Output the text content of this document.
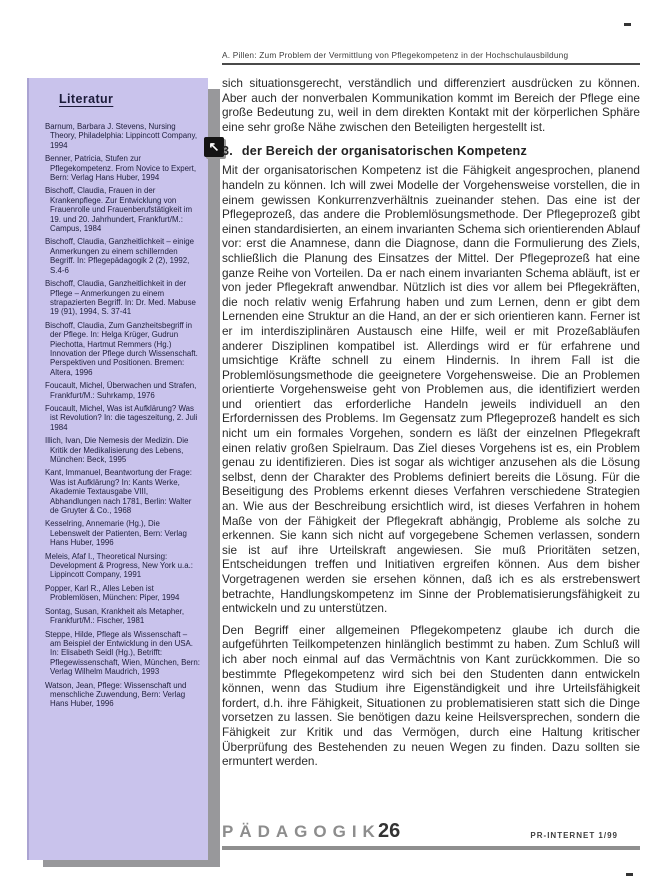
Literatur
Barnum, Barbara J. Stevens, Nursing Theory, Philadelphia: Lippincott Company, 1994
Benner, Patricia, Stufen zur Pflegekompetenz. From Novice to Expert, Bern: Verlag Hans Huber, 1994
Bischoff, Claudia, Frauen in der Krankenpflege. Zur Entwicklung von Frauenrolle und Frauenberufstätigkeit im 19. und 20. Jahrhundert, Frankfurt/M.: Campus, 1984
Bischoff, Claudia, Ganzheitlichkeit – einige Anmerkungen zu einem schillernden Begriff. In: Pflegepädagogik 2 (2), 1992, S.4-6
Bischoff, Claudia, Ganzheitlichkeit in der Pflege – Anmerkungen zu einem strapazierten Begriff. In: Dr. Med. Mabuse 19 (91), 1994, S. 37-41
Bischoff, Claudia, Zum Ganzheitsbegriff in der Pflege. In: Helga Krüger, Gudrun Piechotta, Hartmut Remmers (Hg.) Innovation der Pflege durch Wissenschaft. Perspektiven und Positionen. Bremen: Altera, 1996
Foucault, Michel, Überwachen und Strafen, Frankfurt/M.: Suhrkamp, 1976
Foucault, Michel, Was ist Aufklärung? Was ist Revolution? In: die tageszeitung, 2. Juli 1984
Illich, Ivan, Die Nemesis der Medizin. Die Kritik der Medikalisierung des Lebens, München: Beck, 1995
Kant, Immanuel, Beantwortung der Frage: Was ist Aufklärung? In: Kants Werke, Akademie Textausgabe VIII, Abhandlungen nach 1781, Berlin: Walter de Gruyter & Co., 1968
Kesselring, Annemarie (Hg.), Die Lebenswelt der Patienten, Bern: Verlag Hans Huber, 1996
Meleis, Afaf I., Theoretical Nursing: Development & Progress, New York u.a.: Lippincott Company, 1991
Popper, Karl R., Alles Leben ist Problemlösen, München: Piper, 1994
Sontag, Susan, Krankheit als Metapher, Frankfurt/M.: Fischer, 1981
Steppe, Hilde, Pflege als Wissenschaft – am Beispiel der Entwicklung in den USA. In: Elisabeth Seidl (Hg.), Betrifft: Pflegewissenschaft, Wien, München, Bern: Verlag Wilhelm Maudrich, 1993
Watson, Jean, Pflege: Wissenschaft und menschliche Zuwendung, Bern: Verlag Hans Huber, 1996
↖
A. Pillen: Zum Problem der Vermittlung von Pflegekompetenz in der Hochschulausbildung

sich situationsgerecht, verständlich und differenziert ausdrücken zu können. Aber auch der nonverbalen Kommunikation kommt im Bereich der Pflege eine große Bedeutung zu, weil in dem direkten Kontakt mit der körperlichen Sphäre eine sehr große Nähe zwischen den Beteiligten hergestellt ist.

3. der Bereich der organisatorischen Kompetenz

Mit der organisatorischen Kompetenz ist die Fähigkeit angesprochen, planend handeln zu können. Ich will zwei Modelle der Vorgehensweise vorstellen, die in einem gewissen Konkurrenzverhältnis zueinander stehen. Das eine ist der Pflegeprozeß, das andere die Problemlösungsmethode. Der Pflegeprozeß gibt einen standardisierten, an einem invarianten Schema sich orientierenden Ablauf vor: erst die Anamnese, dann die Diagnose, dann die Formulierung des Ziels, schließlich die Planung des Einsatzes der Mittel. Der Pflegeprozeß hat eine ganze Reihe von Vorteilen. Da er nach einem invarianten Schema abläuft, ist er von jeder Pflegekraft anwendbar. Nützlich ist dies vor allem bei Pflegekräften, die noch relativ wenig Erfahrung haben und zum Lernen, denn er gibt dem Lernenden eine Struktur an die Hand, an der er sich orientieren kann. Ferner ist er im interdisziplinären Austausch eine Hilfe, weil er mit Prozeßabläufen anderer Disziplinen kompatibel ist. Allerdings wird er für erfahrene und umsichtige Kräfte schnell zu einem Hindernis. In ihrem Fall ist die Problemlösungsmethode die geeignetere Vorgehensweise. Die an Problemen orientierte Vorgehensweise geht von Problemen aus, die identifiziert werden und orientiert das erforderliche Handeln jeweils individuell an den Erfordernissen des Problems. Im Gegensatz zum Pflegeprozeß handelt es sich nicht um ein formales Vorgehen, sondern es läßt der einzelnen Pflegekraft einen relativ großen Spielraum. Das Ziel dieses Vorgehens ist es, ein Problem genau zu identifizieren. Dies ist sogar als wichtiger anzusehen als die Lösung selbst, denn der Charakter des Problems definiert bereits die Lösung. Für die Beseitigung des Problems erkennt dieses Verfahren verschiedene Strategien an. Wie aus der Beschreibung ersichtlich wird, ist dieses Verfahren in hohem Maße von der Fähigkeit der Pflegekraft abhängig, Probleme als solche zu erkennen. Sie kann sich nicht auf vorgegebene Schemen verlassen, sondern sie ist auf ihre Urteilskraft angewiesen. Sie muß Prioritäten setzen, Entscheidungen treffen und Initiativen ergreifen können. Aus dem bisher Vorgetragenen werden sie ersehen können, daß ich es als erstrebenswert betrachte, Handlungskompetenz im Sinne der Problematisierungsfähigkeit zu entwickeln und zu unterstützen.

Den Begriff einer allgemeinen Pflegekompetenz glaube ich durch die aufgeführten Teilkompetenzen hinlänglich bestimmt zu haben. Zum Schluß will ich aber noch einmal auf das Vermächtnis von Kant zurückkommen. Die so bestimmte Pflegekompetenz wird sich bei den Studenten dann entwickeln können, wenn das Studium ihre Eigenständigkeit und ihre Urteilsfähigkeit fordert, d.h. ihre Fähigkeit, Situationen zu problematisieren statt sich die Dinge vorsetzen zu lassen. Sie benötigen dazu keine Heilsversprechen, sondern die Fähigkeit zur Kritik und das Vermögen, durch eine Haltung kritischer Überprüfung des Bestehenden zu neuen Wegen zu finden. Dazu sollten sie ermuntert werden.

PÄDAGOGIK
26	PR-INTERNET 1/99
